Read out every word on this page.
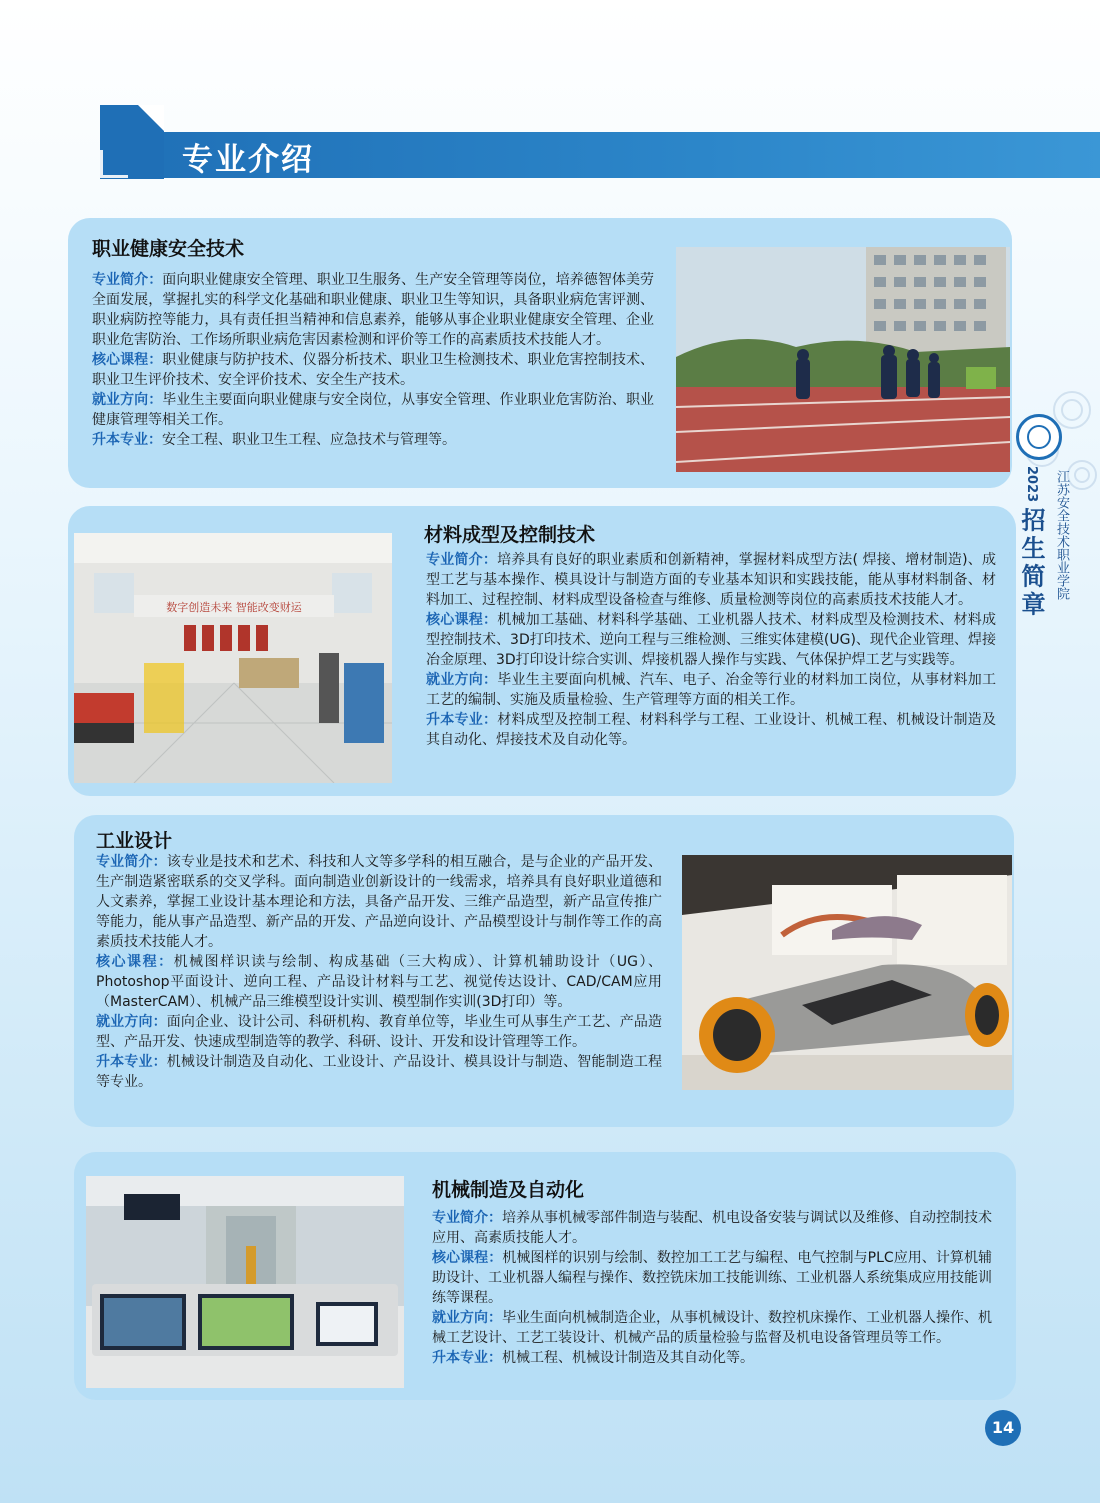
专业介绍
2023 招生简章 江苏安全技术职业学院
职业健康安全技术

专业简介：面向职业健康安全管理、职业卫生服务、生产安全管理等岗位，培养德智体美劳全面发展，掌握扎实的科学文化基础和职业健康、职业卫生等知识，具备职业病危害评测、职业病防控等能力，具有责任担当精神和信息素养，能够从事企业职业健康安全管理、企业职业危害防治、工作场所职业病危害因素检测和评价等工作的高素质技术技能人才。

核心课程：职业健康与防护技术、仪器分析技术、职业卫生检测技术、职业危害控制技术、职业卫生评价技术、安全评价技术、安全生产技术。

就业方向：毕业生主要面向职业健康与安全岗位，从事安全管理、作业职业危害防治、职业健康管理等相关工作。

升本专业：安全工程、职业卫生工程、应急技术与管理等。

数字创造未来 智能改变财运
材料成型及控制技术

专业简介：培养具有良好的职业素质和创新精神，掌握材料成型方法( 焊接、增材制造)、成型工艺与基本操作、模具设计与制造方面的专业基本知识和实践技能，能从事材料制备、材料加工、过程控制、材料成型设备检查与维修、质量检测等岗位的高素质技术技能人才。

核心课程：机械加工基础、材料科学基础、工业机器人技术、材料成型及检测技术、材料成型控制技术、3D打印技术、逆向工程与三维检测、三维实体建模(UG)、现代企业管理、焊接冶金原理、3D打印设计综合实训、焊接机器人操作与实践、气体保护焊工艺与实践等。

就业方向：毕业生主要面向机械、汽车、电子、冶金等行业的材料加工岗位，从事材料加工工艺的编制、实施及质量检验、生产管理等方面的相关工作。

升本专业：材料成型及控制工程、材料科学与工程、工业设计、机械工程、机械设计制造及其自动化、焊接技术及自动化等。

工业设计

专业简介：该专业是技术和艺术、科技和人文等多学科的相互融合，是与企业的产品开发、生产制造紧密联系的交叉学科。面向制造业创新设计的一线需求，培养具有良好职业道德和人文素养，掌握工业设计基本理论和方法，具备产品开发、三维产品造型，新产品宣传推广等能力，能从事产品造型、新产品的开发、产品逆向设计、产品模型设计与制作等工作的高素质技术技能人才。

核心课程：机械图样识读与绘制、构成基础（三大构成）、计算机辅助设计（UG）、Photoshop平面设计、逆向工程、产品设计材料与工艺、视觉传达设计、CAD/CAM应用（MasterCAM）、机械产品三维模型设计实训、模型制作实训(3D打印）等。

就业方向：面向企业、设计公司、科研机构、教育单位等，毕业生可从事生产工艺、产品造型、产品开发、快速成型制造等的教学、科研、设计、开发和设计管理等工作。

升本专业：机械设计制造及自动化、工业设计、产品设计、模具设计与制造、智能制造工程等专业。

机械制造及自动化

专业简介：培养从事机械零部件制造与装配、机电设备安装与调试以及维修、自动控制技术应用、高素质技能人才。

核心课程：机械图样的识别与绘制、数控加工工艺与编程、电气控制与PLC应用、计算机辅助设计、工业机器人编程与操作、数控铣床加工技能训练、工业机器人系统集成应用技能训练等课程。

就业方向：毕业生面向机械制造企业，从事机械设计、数控机床操作、工业机器人操作、机械工艺设计、工艺工装设计、机械产品的质量检验与监督及机电设备管理员等工作。

升本专业：机械工程、机械设计制造及其自动化等。

14
